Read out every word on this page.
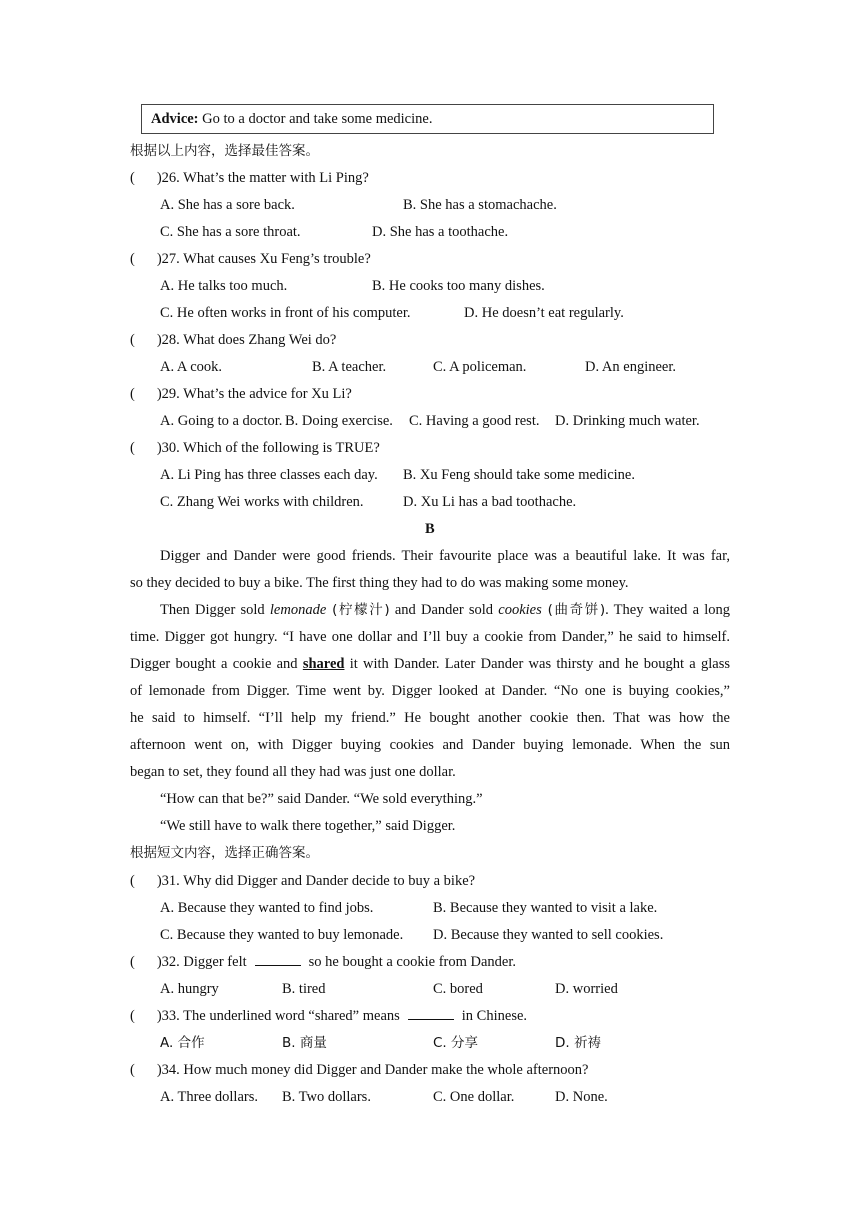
Advice: Go to a doctor and take some medicine.
根据以上内容，选择最佳答案。
( )26. What’s the matter with Li Ping?
A. She has a sore back.	B. She has a stomachache.
C. She has a sore throat.	D. She has a toothache.
( )27. What causes Xu Feng’s trouble?
A. He talks too much.	B. He cooks too many dishes.
C. He often works in front of his computer.	D. He doesn’t eat regularly.
( )28. What does Zhang Wei do?
A. A cook.	B. A teacher.	C. A policeman.	D. An engineer.
( )29. What’s the advice for Xu Li?
A. Going to a doctor. B. Doing exercise. C. Having a good rest. D. Drinking much water.
( )30. Which of the following is TRUE?
A. Li Ping has three classes each day. B. Xu Feng should take some medicine.
C. Zhang Wei works with children.	D. Xu Li has a bad toothache.
B
Digger and Dander were good friends. Their favourite place was a beautiful lake. It was far,
so they decided to buy a bike. The first thing they had to do was making some money.
Then Digger sold lemonade (柠檬汁) and Dander sold cookies (曲奇饼). They waited a long
time. Digger got hungry. “I have one dollar and I’ll buy a cookie from Dander,” he said to himself.
Digger bought a cookie and shared it with Dander. Later Dander was thirsty and he bought a glass
of lemonade from Digger. Time went by. Digger looked at Dander. “No one is buying cookies,”
he said to himself. “I’ll help my friend.” He bought another cookie then. That was how the
afternoon went on, with Digger buying cookies and Dander buying lemonade. When the sun
began to set, they found all they had was just one dollar.
“How can that be?” said Dander. “We sold everything.”
“We still have to walk there together,” said Digger.
根据短文内容，选择正确答案。
( )31. Why did Digger and Dander decide to buy a bike?
A. Because they wanted to find jobs.	B. Because they wanted to visit a lake.
C. Because they wanted to buy lemonade. D. Because they wanted to sell cookies.
( )32. Digger felt	so he bought a cookie from Dander.
A. hungry	B. tired	C. bored	D. worried
( )33. The underlined word “shared” means	in Chinese.
A. 合作	B. 商量	C. 分享	D. 祈祷
( )34. How much money did Digger and Dander make the whole afternoon?
A. Three dollars. B. Two dollars.	C. One dollar.	D. None.
